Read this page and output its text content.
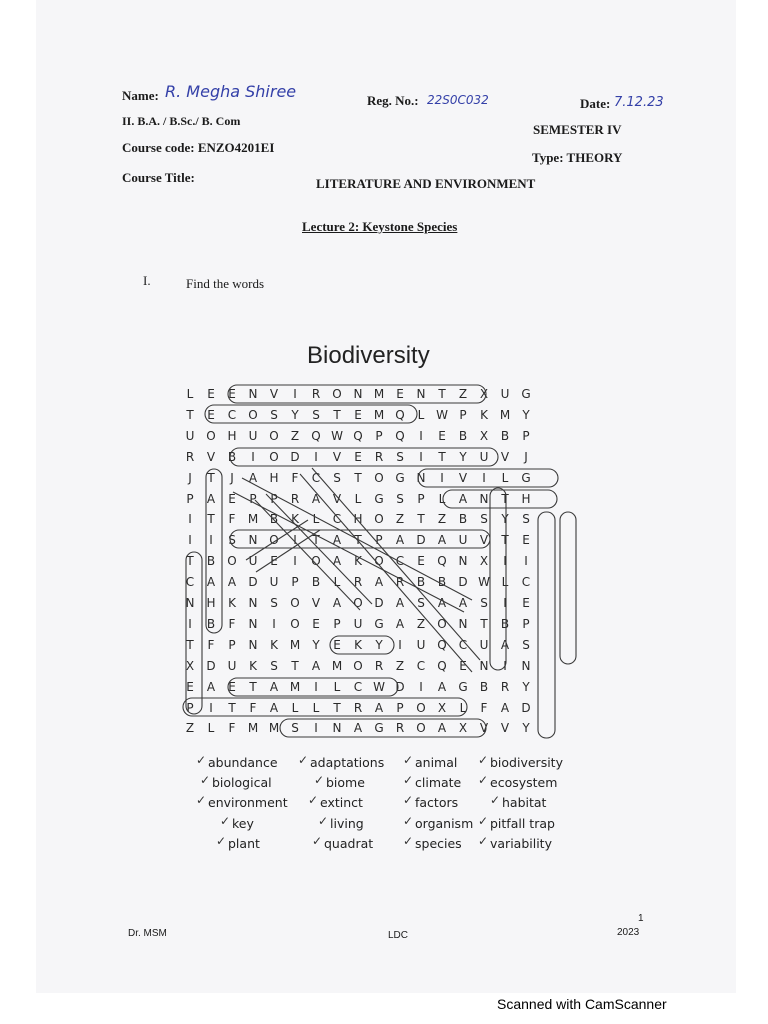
Name: R. Megha Shiree	Reg. No.: 22S0C032	Date: 7.12.23
II. B.A. / B.Sc./ B. Com
SEMESTER IV
Course code: ENZO4201EI
Type: THEORY
Course Title:	LITERATURE AND ENVIRONMENT
Lecture 2: Keystone Species
I.	Find the words
Biodiversity
L	E	E	N	V	I	R	O N M	E	N	T	Z	X	U G
T	E	C	O	S	Y	S	T	E	M Q	L W P	K M	Y
U O H	U O	Z	Q W Q	P	Q	I	E	B	X	B	P
R	V	B	I	O D	I	V	E	R	S	I	T	Y	U	V	J
J	T	J	A	H	F	C	S	T	O G N	I	V	I	L	G
P	A	E	P	P	R	A	V	L	G	S	P	L	A	N	T	H
I	T	F	M B	K	L	C	H O	Z	T	Z	B	S	Y	S
I	I	S	N O	I	T	A	T	P	A	D	A	U	V	T	E
T	B	O U	E	I	O	A	K	O	C	E	Q N	X	I	I
C	A	A	D U	P	B	L	R	A	R	B	B	D W L	C
N	H	K	N	S	O	V	A	O D	A	S	A	A	S	I	E
I	B	F	N	I	O	E	P	U G	A	Z	O N	T	B	P
T	F	P	N	K M	Y	E	K	Y	I	U Q	C	U	A	S
X	D U	K	S	T	A M O	R	Z	C	Q	E	N	I	N
E	A	E	T	A M	I	L	C W D	I	A	G	B	R	Y
P	I	T	F	A	L	L	T	R	A	P	O	X	L	F	A	D
Z	L	F	M M	S	I	N	A	G	R	O	A	X	V	V	Y
✓ abundance ✓ adaptations ✓ animal ✓ biodiversity
✓ biological	✓ biome	✓ climate ✓ ecosystem
✓ environment ✓ extinct	✓ factors	✓ habitat
✓ key	✓ living	✓ organism ✓ pitfall trap
✓ plant	✓ quadrat ✓ species ✓ variability
Dr. MSM	LDC
1
2023
Scanned with CamScanner
